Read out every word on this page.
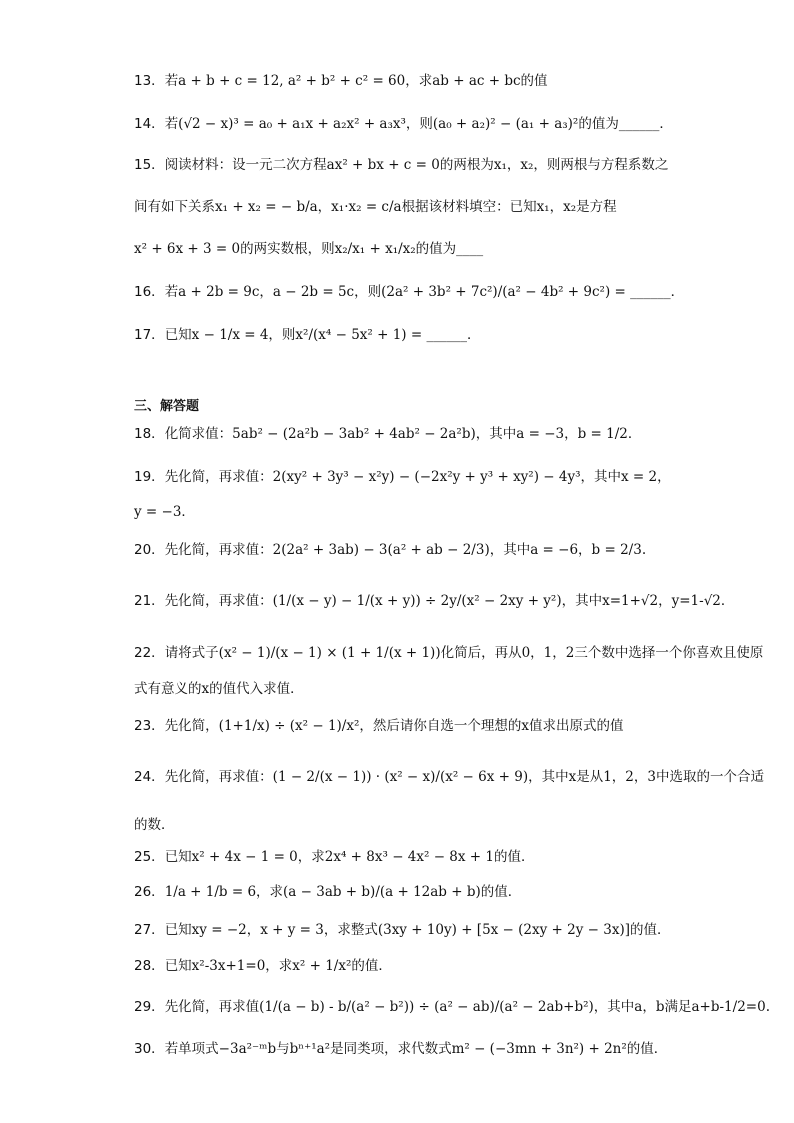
13．若a + b + c = 12, a² + b² + c² = 60，求ab + ac + bc的值
14．若(√2 − x)³ = a₀ + a₁x + a₂x² + a₃x³，则(a₀ + a₂)² − (a₁ + a₃)²的值为______．
15．阅读材料：设一元二次方程ax² + bx + c = 0的两根为x₁，x₂，则两根与方程系数之
间有如下关系x₁ + x₂ = − b/a，x₁·x₂ = c/a根据该材料填空：已知x₁，x₂是方程
x² + 6x + 3 = 0的两实数根，则x₂/x₁ + x₁/x₂的值为____
16．若a + 2b = 9c，a − 2b = 5c，则(2a² + 3b² + 7c²)/(a² − 4b² + 9c²) = ______．
17．已知x − 1/x = 4，则x²/(x⁴ − 5x² + 1) = ______．
三、解答题
18．化简求值：5ab² − (2a²b − 3ab² + 4ab² − 2a²b)，其中a = −3，b = 1/2．
19．先化简，再求值：2(xy² + 3y³ − x²y) − (−2x²y + y³ + xy²) − 4y³，其中x = 2，
y = −3．
20．先化简，再求值：2(2a² + 3ab) − 3(a² + ab − 2/3)，其中a = −6，b = 2/3.
21．先化简，再求值：(1/(x − y) − 1/(x + y)) ÷ 2y/(x² − 2xy + y²)，其中x=1+√2，y=1-√2．
22．请将式子(x² − 1)/(x − 1) × (1 + 1/(x + 1))化简后，再从0，1，2三个数中选择一个你喜欢且使原
式有意义的x的值代入求值．
23．先化简，(1+1/x) ÷ (x² − 1)/x²，然后请你自选一个理想的x值求出原式的值
24．先化简，再求值：(1 − 2/(x − 1)) · (x² − x)/(x² − 6x + 9)，其中x是从1，2，3中选取的一个合适
的数．
25．已知x² + 4x − 1 = 0，求2x⁴ + 8x³ − 4x² − 8x + 1的值．
26．1/a + 1/b = 6，求(a − 3ab + b)/(a + 12ab + b)的值．
27．已知xy = −2，x + y = 3，求整式(3xy + 10y) + [5x − (2xy + 2y − 3x)]的值．
28．已知x²-3x+1=0，求x² + 1/x²的值．
29．先化简，再求值(1/(a − b) - b/(a² − b²)) ÷ (a² − ab)/(a² − 2ab+b²)，其中a，b满足a+b-1/2=0.
30．若单项式−3a²⁻ᵐb与bⁿ⁺¹a²是同类项，求代数式m² − (−3mn + 3n²) + 2n²的值．
